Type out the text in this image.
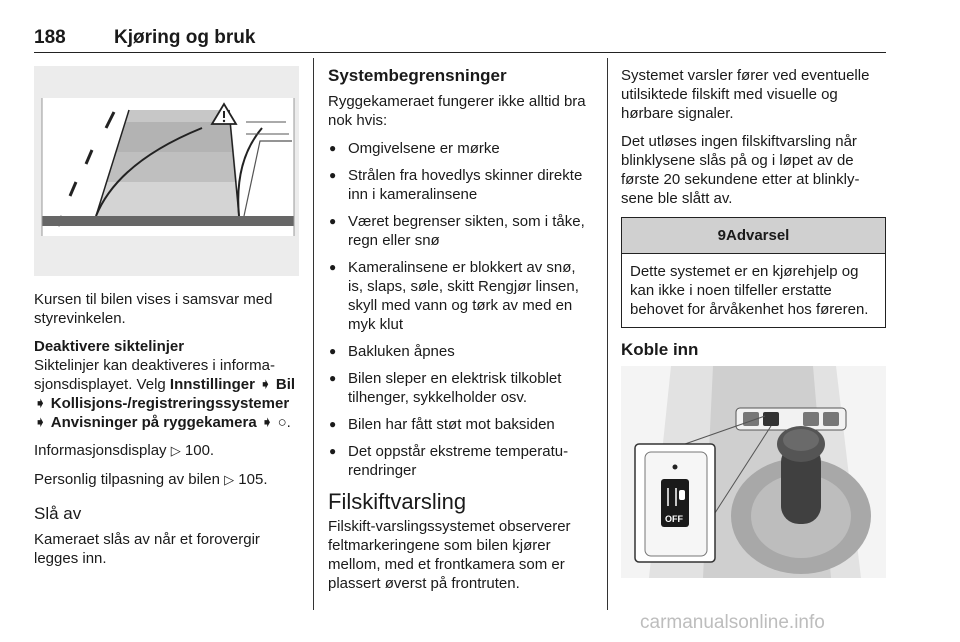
188	Kjøring og bruk

Kursen til bilen vises i samsvar med styrevinkelen.

Deaktivere siktelinjer
Siktelinjer kan deaktiveres i informasjonsdisplayet. Velg Innstillinger ➧ Bil ➧ Kollisjons-/registreringssystemer ➧ Anvisninger på ryggekamera ➧ ○.

Informasjonsdisplay ▷ 100.

Personlig tilpasning av bilen ▷ 105.

Slå av

Kameraet slås av når et forovergir legges inn.

Systembegrensninger

Ryggekameraet fungerer ikke alltid bra nok hvis:

● Omgivelsene er mørke
● Strålen fra hovedlys skinner direkte inn i kameralinsene
● Været begrenser sikten, som i tåke, regn eller snø
● Kameralinsene er blokkert av snø, is, slaps, søle, skitt Rengjør linsen, skyll med vann og tørk av med en myk klut
● Bakluken åpnes
● Bilen sleper en elektrisk tilkoblet tilhenger, sykkelholder osv.
● Bilen har fått støt mot baksiden
● Det oppstår ekstreme temperaturendringer
Filskiftvarsling

Filskift-varslingssystemet observerer feltmarkeringene som bilen kjører mellom, med et frontkamera som er plassert øverst på frontruten.

Systemet varsler fører ved eventuelle utilsiktede filskift med visuelle og hørbare signaler.

Det utløses ingen filskiftvarsling når blinklysene slås på og i løpet av de første 20 sekundene etter at blinklysene ble slått av.

9Advarsel
Dette systemet er en kjørehjelp og kan ikke i noen tilfeller erstatte behovet for årvåkenhet hos føreren.
Koble inn
OFF
carmanualsonline.info
